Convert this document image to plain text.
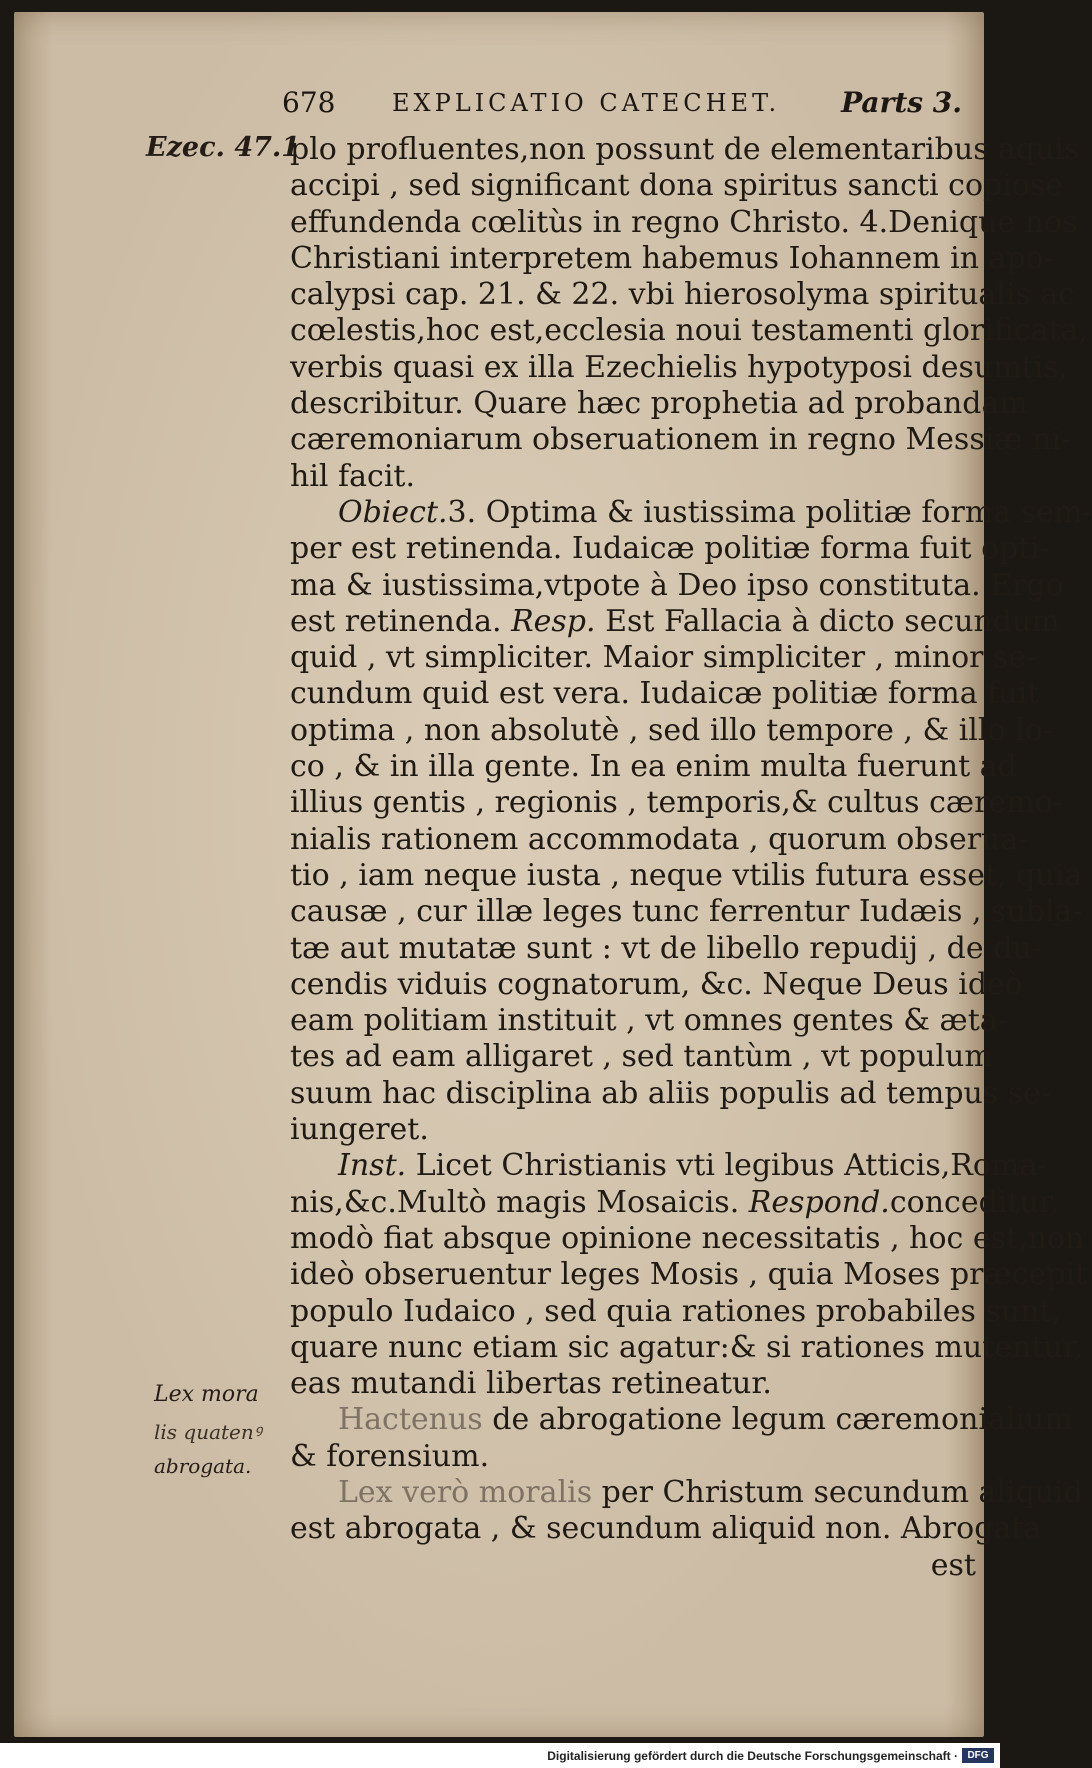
678 EXPLICATIO CATECHET. Parts 3.
Ezec. 47.1
Lex mora
lis quatenꝰ
abrogata.
plo profluentes,non possunt de elementaribus aquis
accipi , sed significant dona spiritus sancti copiose
effundenda cœlitùs in regno Christo. 4.Denique nos
Christiani interpretem habemus Iohannem in apo-
calypsi cap. 21. & 22. vbi hierosolyma spiritualis ac
cœlestis,hoc est,ecclesia noui testamenti glorificata,
verbis quasi ex illa Ezechielis hypotyposi desumtis,
describitur. Quare hæc prophetia ad probandam
cæremoniarum obseruationem in regno Messiæ ni-
hil facit.
Obiect.3. Optima & iustissima politiæ forma sem-
per est retinenda. Iudaicæ politiæ forma fuit opti-
ma & iustissima,vtpote à Deo ipso constituta. Ergo
est retinenda. Resp. Est Fallacia à dicto secundum
quid , vt simpliciter. Maior simpliciter , minor se-
cundum quid est vera. Iudaicæ politiæ forma fuit
optima , non absolutè , sed illo tempore , & illo lo-
co , & in illa gente. In ea enim multa fuerunt ad
illius gentis , regionis , temporis,& cultus cæremo-
nialis rationem accommodata , quorum obserua-
tio , iam neque iusta , neque vtilis futura esset, quia
causæ , cur illæ leges tunc ferrentur Iudæis , subla-
tæ aut mutatæ sunt : vt de libello repudij , de du-
cendis viduis cognatorum, &c. Neque Deus ideò
eam politiam instituit , vt omnes gentes & æta-
tes ad eam alligaret , sed tantùm , vt populum
suum hac disciplina ab aliis populis ad tempus se-
iungeret.
Inst. Licet Christianis vti legibus Atticis,Roma-
nis,&c.Multò magis Mosaicis. Respond.conceditur,
modò fiat absque opinione necessitatis , hoc est,non
ideò obseruentur leges Mosis , quia Moses præcepit
populo Iudaico , sed quia rationes probabiles sunt,
quare nunc etiam sic agatur:& si rationes mutentur,
eas mutandi libertas retineatur.
Hactenus de abrogatione legum cæremonialium
& forensium.
Lex verò moralis per Christum secundum aliquid
est abrogata , & secundum aliquid non. Abrogata
est
Digitalisierung gefördert durch die Deutsche Forschungsgemeinschaft · DFG
